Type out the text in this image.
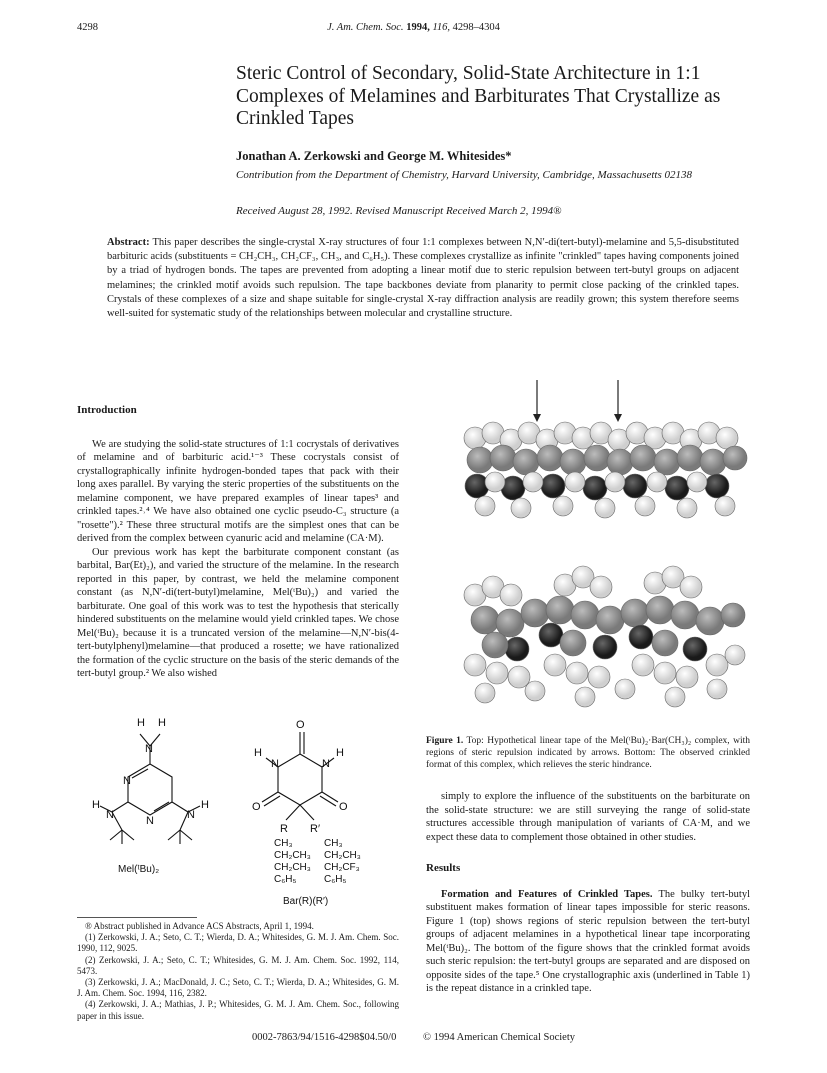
4298	J. Am. Chem. Soc. 1994, 116, 4298–4304
Steric Control of Secondary, Solid-State Architecture in 1:1 Complexes of Melamines and Barbiturates That Crystallize as Crinkled Tapes
Jonathan A. Zerkowski and George M. Whitesides*
Contribution from the Department of Chemistry, Harvard University, Cambridge, Massachusetts 02138
Received August 28, 1992. Revised Manuscript Received March 2, 1994®
Abstract: This paper describes the single-crystal X-ray structures of four 1:1 complexes between N,N′-di(tert-butyl)-melamine and 5,5-disubstituted barbituric acids (substituents = CH₂CH₃, CH₂CF₃, CH₃, and C₆H₅). These complexes crystallize as infinite "crinkled" tapes having components joined by a triad of hydrogen bonds. The tapes are prevented from adopting a linear motif due to steric repulsion between tert-butyl groups on adjacent melamines; the crinkled motif avoids such repulsion. The tape backbones deviate from planarity to permit close packing of the crinkled tapes. Crystals of these complexes of a size and shape suitable for single-crystal X-ray diffraction analysis are readily grown; this system therefore seems well-suited for systematic study of the relationships between molecular and crystalline structure.
Introduction

We are studying the solid-state structures of 1:1 cocrystals of derivatives of melamine and of barbituric acid.¹⁻³ These cocrystals consist of crystallographically infinite hydrogen-bonded tapes that pack with their long axes parallel. By varying the steric properties of the substituents on the melamine component, we have prepared examples of linear tapes³ and crinkled tapes.²˒⁴ We have also obtained one cyclic pseudo-C₃ structure (a "rosette").² These three structural motifs are the simplest ones that can be derived from the complex between cyanuric acid and melamine (CA·M).

Our previous work has kept the barbiturate component constant (as barbital, Bar(Et)₂), and varied the structure of the melamine. In the research reported in this paper, by contrast, we held the melamine component constant (as N,N′-di(tert-butyl)melamine, Mel(ᵗBu)₂) and varied the barbiturate. One goal of this work was to test the hypothesis that sterically hindered substituents on the melamine would yield crinkled tapes. We chose Mel(ᵗBu)₂ because it is a truncated version of the melamine—N,N′-bis(4-tert-butylphenyl)melamine—that produced a rosette; we have rationalized the formation of the cyclic structure on the basis of the steric demands of the tert-butyl group.² We also wished

Figure 1. Top: Hypothetical linear tape of the Mel(ᵗBu)₂·Bar(CH₃)₂ complex, with regions of steric repulsion indicated by arrows. Bottom: The observed crinkled format of this complex, which relieves the steric hindrance.
H H
N
H
N
H
N
N
N
O
H
N	N
H
O	O
R R′
CH₃
CH₂CH₃
CH₂CH₃
C₆H₅
CH₃
CH₂CH₃
CH₂CF₃
C₆H₅
Mel(ᵗBu)₂
Bar(R)(R′)
® Abstract published in Advance ACS Abstracts, April 1, 1994.
(1) Zerkowski, J. A.; Seto, C. T.; Wierda, D. A.; Whitesides, G. M. J. Am. Chem. Soc. 1990, 112, 9025.
(2) Zerkowski, J. A.; Seto, C. T.; Whitesides, G. M. J. Am. Chem. Soc. 1992, 114, 5473.
(3) Zerkowski, J. A.; MacDonald, J. C.; Seto, C. T.; Wierda, D. A.; Whitesides, G. M. J. Am. Chem. Soc. 1994, 116, 2382.
(4) Zerkowski, J. A.; Mathias, J. P.; Whitesides, G. M. J. Am. Chem. Soc., following paper in this issue.

simply to explore the influence of the substituents on the barbiturate on the solid-state structure: we are still surveying the range of solid-state structures accessible through manipulation of variants of CA·M, and we expect these data to complement those obtained in other studies.

Results

Formation and Features of Crinkled Tapes. The bulky tert-butyl substituent makes formation of linear tapes impossible for steric reasons. Figure 1 (top) shows regions of steric repulsion between the tert-butyl groups of adjacent melamines in a hypothetical linear tape incorporating Mel(ᵗBu)₂. The bottom of the figure shows that the crinkled format avoids such steric repulsion: the tert-butyl groups are separated and are disposed on opposite sides of the tape.⁵ One crystallographic axis (underlined in Table 1) is the repeat distance in a crinkled tape.

0002-7863/94/1516-4298$04.50/0	© 1994 American Chemical Society
